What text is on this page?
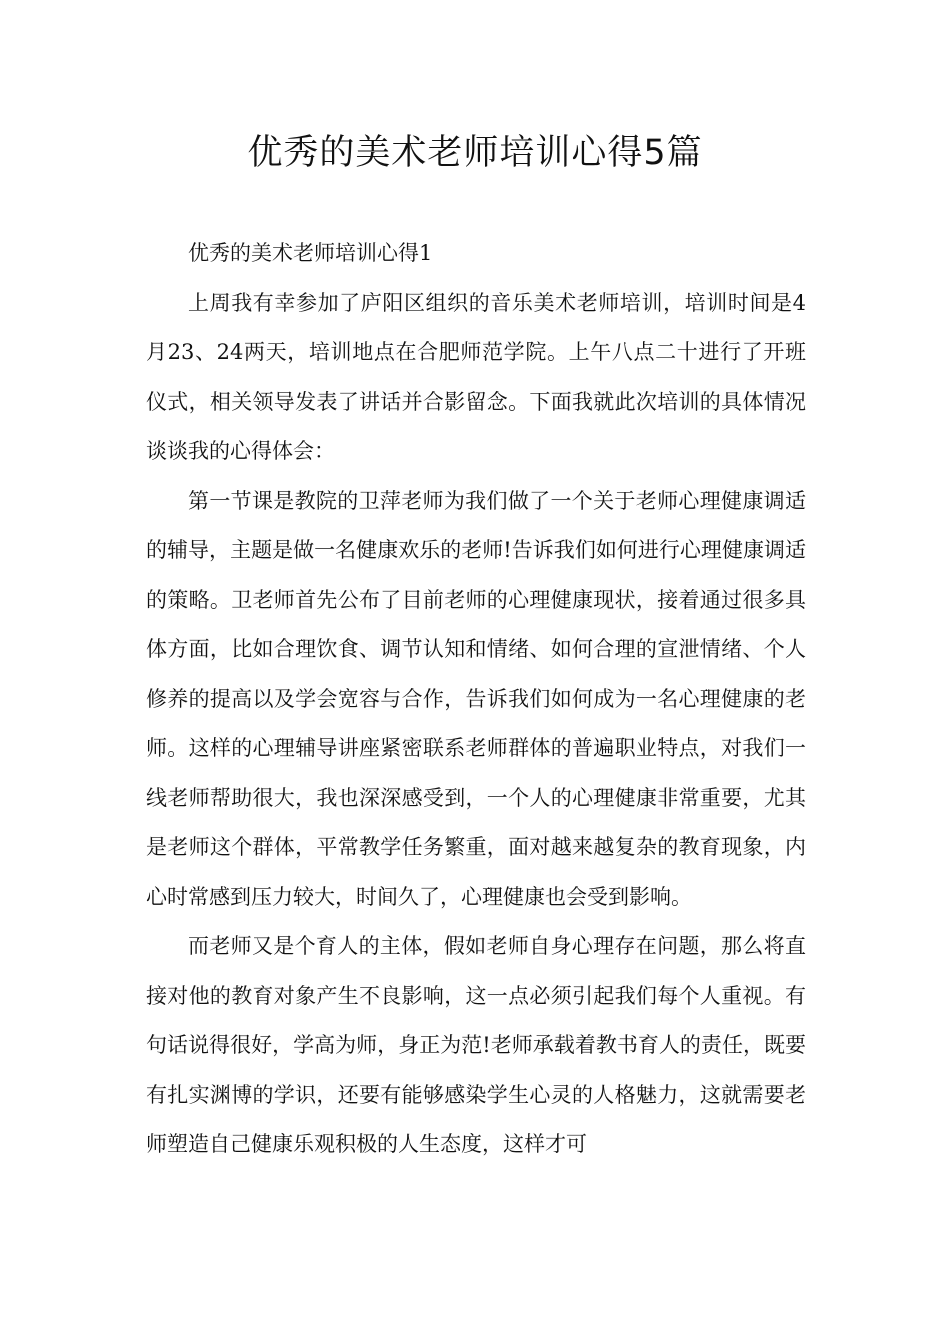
优秀的美术老师培训心得5篇

优秀的美术老师培训心得1

上周我有幸参加了庐阳区组织的音乐美术老师培训，培训时间是4月23、24两天，培训地点在合肥师范学院。上午八点二十进行了开班仪式，相关领导发表了讲话并合影留念。下面我就此次培训的具体情况谈谈我的心得体会：

第一节课是教院的卫萍老师为我们做了一个关于老师心理健康调适的辅导，主题是做一名健康欢乐的老师!告诉我们如何进行心理健康调适的策略。卫老师首先公布了目前老师的心理健康现状，接着通过很多具体方面，比如合理饮食、调节认知和情绪、如何合理的宣泄情绪、个人修养的提高以及学会宽容与合作，告诉我们如何成为一名心理健康的老师。这样的心理辅导讲座紧密联系老师群体的普遍职业特点，对我们一线老师帮助很大，我也深深感受到，一个人的心理健康非常重要，尤其是老师这个群体，平常教学任务繁重，面对越来越复杂的教育现象，内心时常感到压力较大，时间久了，心理健康也会受到影响。

而老师又是个育人的主体，假如老师自身心理存在问题，那么将直接对他的教育对象产生不良影响，这一点必须引起我们每个人重视。有句话说得很好，学高为师，身正为范!老师承载着教书育人的责任，既要有扎实渊博的学识，还要有能够感染学生心灵的人格魅力，这就需要老师塑造自己健康乐观积极的人生态度，这样才可
